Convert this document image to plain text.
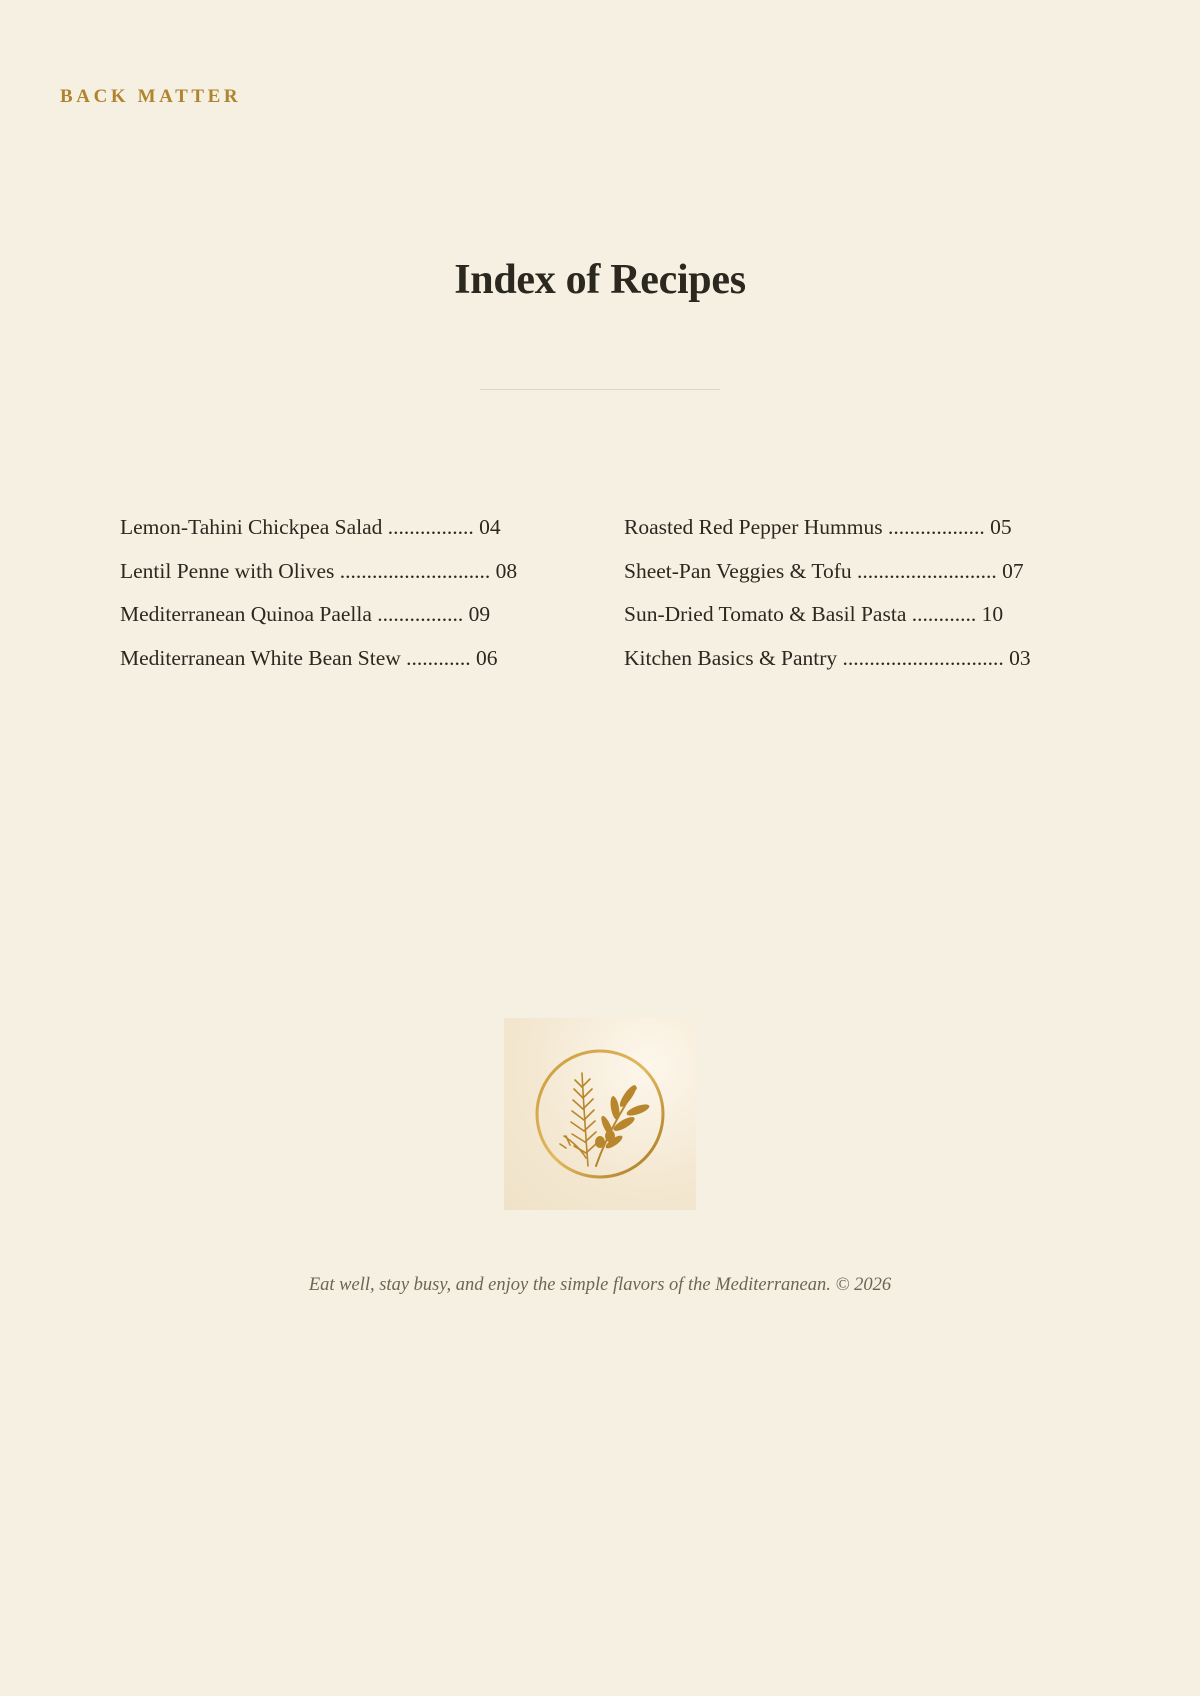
BACK MATTER
Index of Recipes
Lemon-Tahini Chickpea Salad ................ 04
Lentil Penne with Olives ............................ 08
Mediterranean Quinoa Paella ................ 09
Mediterranean White Bean Stew ............ 06
Roasted Red Pepper Hummus .................. 05
Sheet-Pan Veggies & Tofu .......................... 07
Sun-Dried Tomato & Basil Pasta ............ 10
Kitchen Basics & Pantry .............................. 03
Eat well, stay busy, and enjoy the simple flavors of the Mediterranean. © 2026
